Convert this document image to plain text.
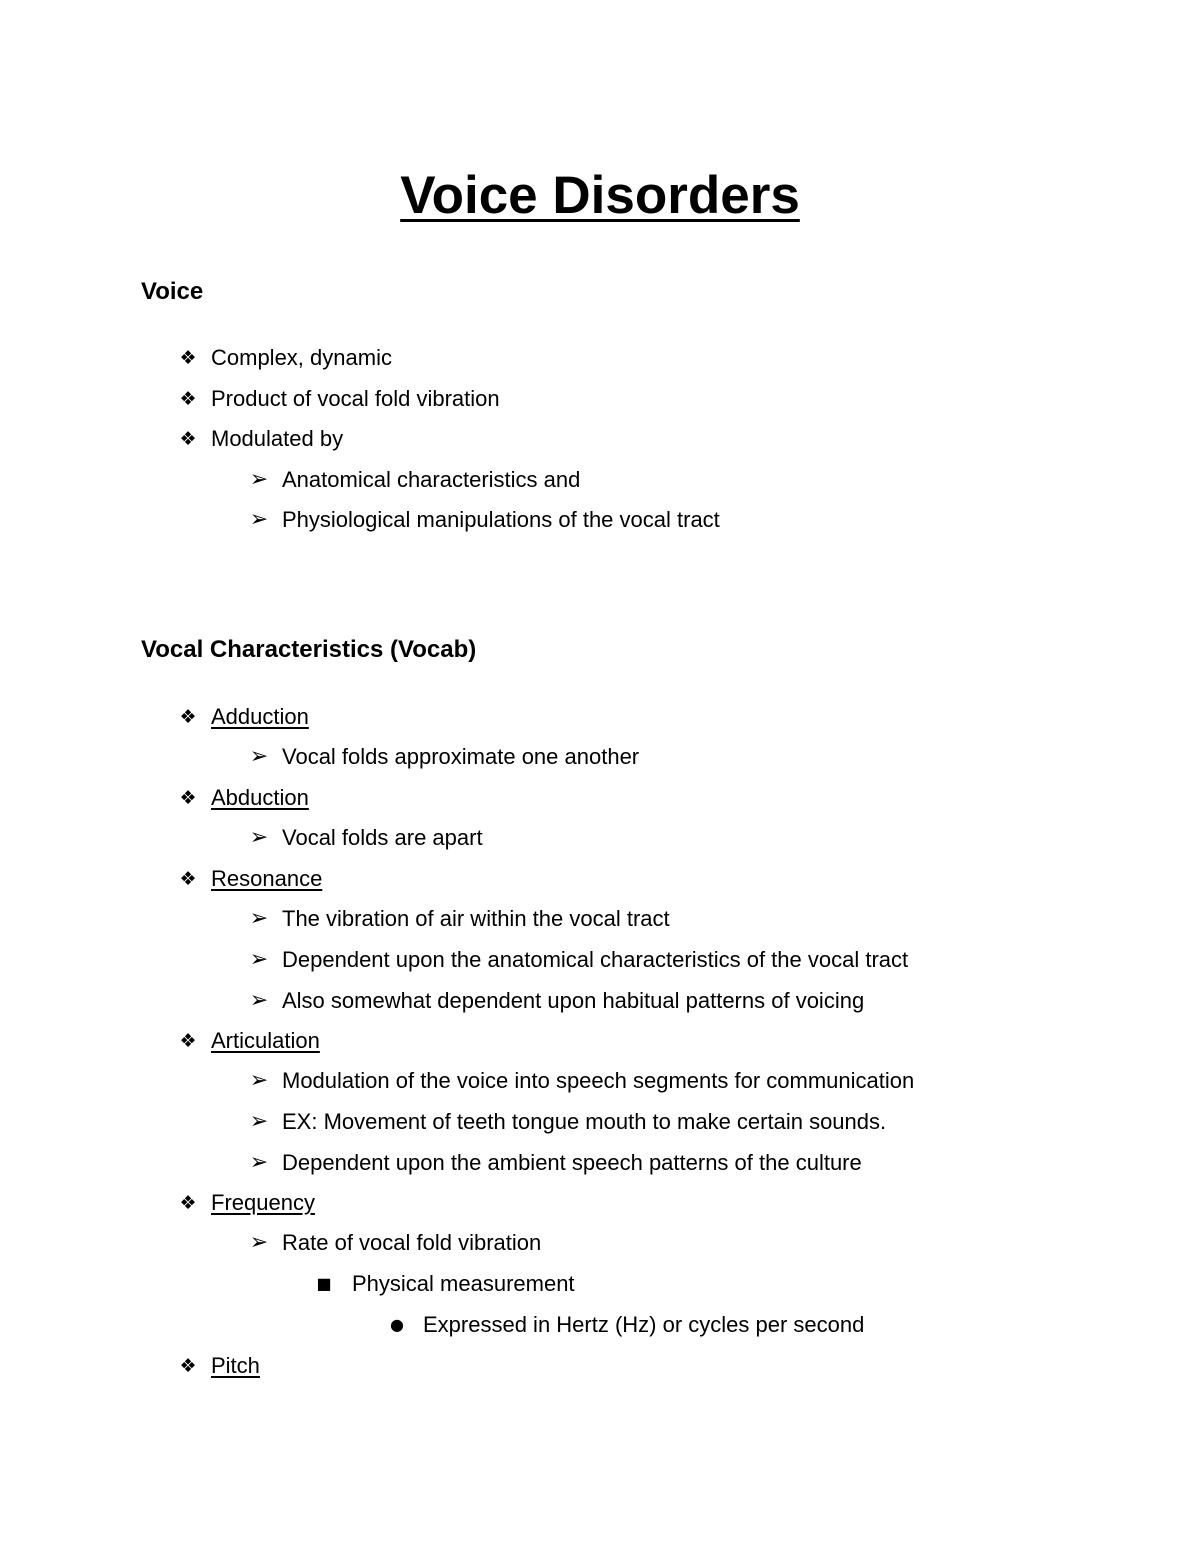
Voice Disorders
Voice
❖ Complex, dynamic
❖ Product of vocal fold vibration
❖ Modulated by
➢ Anatomical characteristics and
➢ Physiological manipulations of the vocal tract
Vocal Characteristics (Vocab)
❖ Adduction
➢ Vocal folds approximate one another
❖ Abduction
➢ Vocal folds are apart
❖ Resonance
➢ The vibration of air within the vocal tract
➢ Dependent upon the anatomical characteristics of the vocal tract
➢ Also somewhat dependent upon habitual patterns of voicing
❖ Articulation
➢ Modulation of the voice into speech segments for communication
➢ EX: Movement of teeth tongue mouth to make certain sounds.
➢ Dependent upon the ambient speech patterns of the culture
❖ Frequency
➢ Rate of vocal fold vibration
■ Physical measurement
● Expressed in Hertz (Hz) or cycles per second
❖ Pitch
